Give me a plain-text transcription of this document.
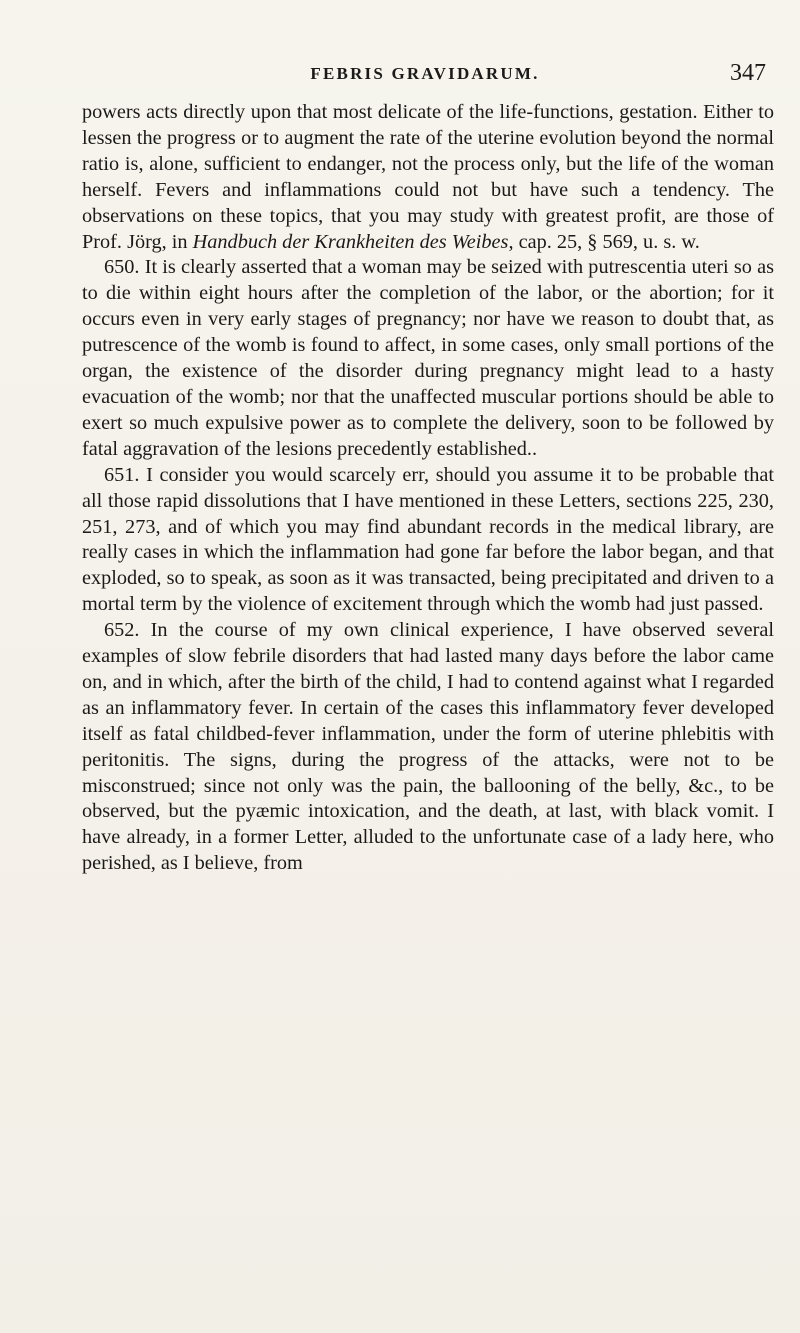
FEBRIS GRAVIDARUM.	347

powers acts directly upon that most delicate of the life-functions, gestation. Either to lessen the progress or to augment the rate of the uterine evolution beyond the normal ratio is, alone, sufficient to endanger, not the process only, but the life of the woman herself. Fevers and inflammations could not but have such a tendency. The observations on these topics, that you may study with greatest profit, are those of Prof. Jörg, in Handbuch der Krankheiten des Weibes, cap. 25, § 569, u. s. w.

650. It is clearly asserted that a woman may be seized with putrescentia uteri so as to die within eight hours after the completion of the labor, or the abortion; for it occurs even in very early stages of pregnancy; nor have we reason to doubt that, as putrescence of the womb is found to affect, in some cases, only small portions of the organ, the existence of the disorder during pregnancy might lead to a hasty evacuation of the womb; nor that the unaffected muscular portions should be able to exert so much expulsive power as to complete the delivery, soon to be followed by fatal aggravation of the lesions precedently established..

651. I consider you would scarcely err, should you assume it to be probable that all those rapid dissolutions that I have mentioned in these Letters, sections 225, 230, 251, 273, and of which you may find abundant records in the medical library, are really cases in which the inflammation had gone far before the labor began, and that exploded, so to speak, as soon as it was transacted, being precipitated and driven to a mortal term by the violence of excitement through which the womb had just passed.

652. In the course of my own clinical experience, I have observed several examples of slow febrile disorders that had lasted many days before the labor came on, and in which, after the birth of the child, I had to contend against what I regarded as an inflammatory fever. In certain of the cases this inflammatory fever developed itself as fatal childbed-fever inflammation, under the form of uterine phlebitis with peritonitis. The signs, during the progress of the attacks, were not to be misconstrued; since not only was the pain, the ballooning of the belly, &c., to be observed, but the pyæmic intoxication, and the death, at last, with black vomit. I have already, in a former Letter, alluded to the unfortunate case of a lady here, who perished, as I believe, from
